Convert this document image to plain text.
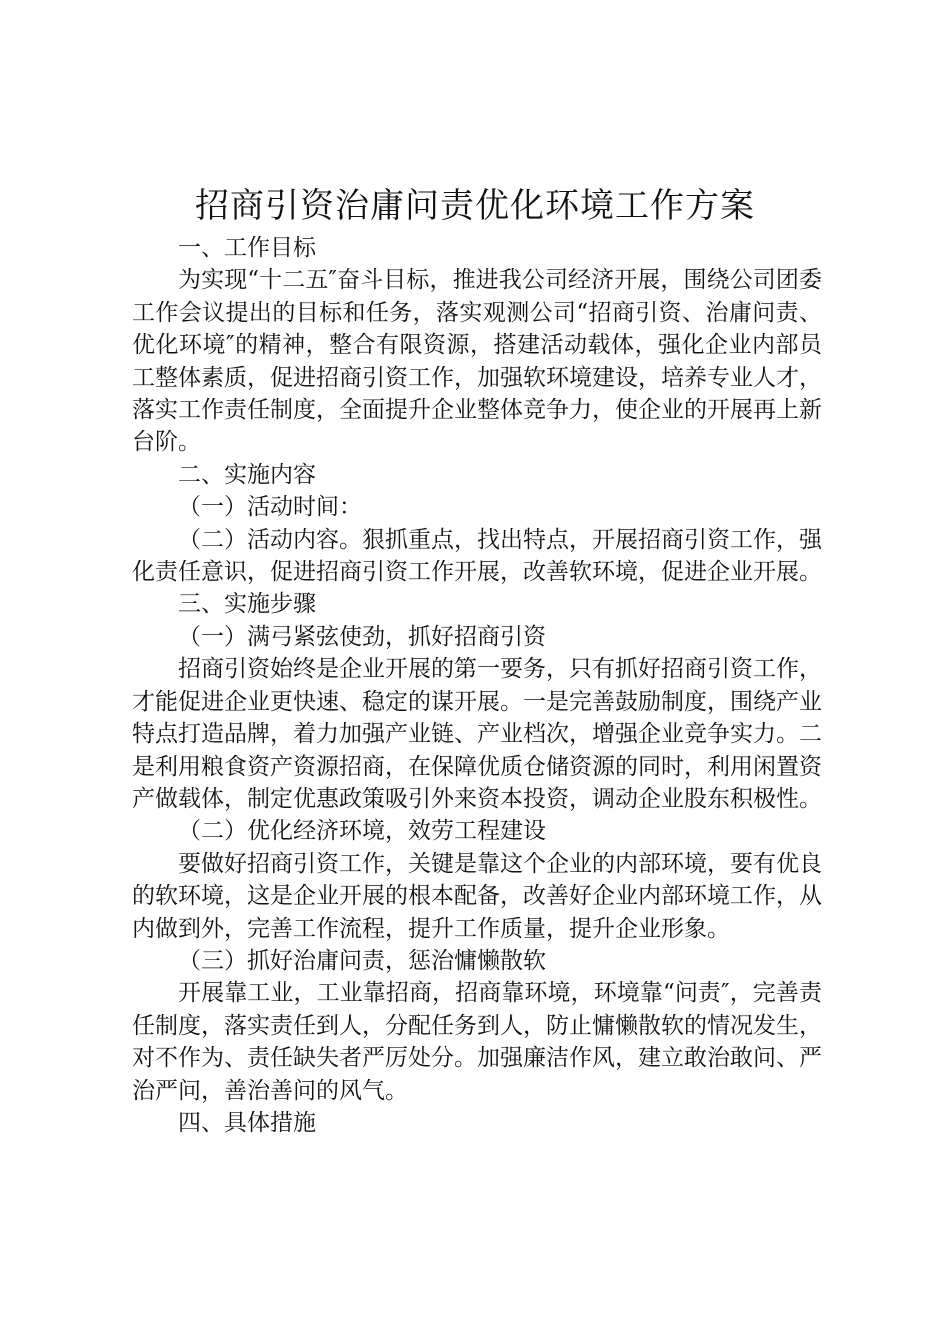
招商引资治庸问责优化环境工作方案

一、工作目标

为实现“十二五″奋斗目标，推进我公司经济开展，围绕公司团委工作会议提出的目标和任务，落实观测公司“招商引资、治庸问责、优化环境″的精神，整合有限资源，搭建活动载体，强化企业内部员工整体素质，促进招商引资工作，加强软环境建设，培养专业人才，落实工作责任制度，全面提升企业整体竞争力，使企业的开展再上新台阶。

二、实施内容

（一）活动时间：

（二）活动内容。狠抓重点，找出特点，开展招商引资工作，强化责任意识，促进招商引资工作开展，改善软环境，促进企业开展。

三、实施步骤

（一）满弓紧弦使劲，抓好招商引资

招商引资始终是企业开展的第一要务，只有抓好招商引资工作，才能促进企业更快速、稳定的谋开展。一是完善鼓励制度，围绕产业特点打造品牌，着力加强产业链、产业档次，增强企业竞争实力。二是利用粮食资产资源招商，在保障优质仓储资源的同时，利用闲置资产做载体，制定优惠政策吸引外来资本投资，调动企业股东积极性。

（二）优化经济环境，效劳工程建设

要做好招商引资工作，关键是靠这个企业的内部环境，要有优良的软环境，这是企业开展的根本配备，改善好企业内部环境工作，从内做到外，完善工作流程，提升工作质量，提升企业形象。

（三）抓好治庸问责，惩治慵懒散软

开展靠工业，工业靠招商，招商靠环境，环境靠“问责″，完善责任制度，落实责任到人，分配任务到人，防止慵懒散软的情况发生，对不作为、责任缺失者严厉处分。加强廉洁作风，建立敢治敢问、严治严问，善治善问的风气。

四、具体措施
